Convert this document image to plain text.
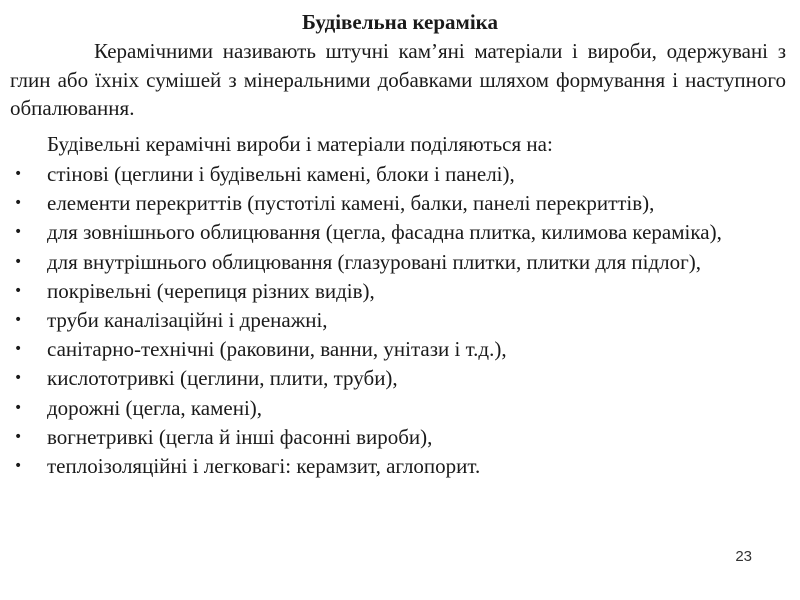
Будівельна кераміка

Керамічними називають штучні кам’яні матеріали і вироби, одержувані з глин або їхніх сумішей з мінеральними добавками шляхом формування і наступного обпалювання.

Будівельні керамічні вироби і матеріали поділяються на:

• стінові (цеглини і будівельні камені, блоки і панелі),
• елементи перекриттів (пустотілі камені, балки, панелі перекриттів),
• для зовнішнього облицювання (цегла, фасадна плитка, килимова кераміка),
• для внутрішнього облицювання (глазуровані плитки, плитки для підлог),
• покрівельні (черепиця різних видів),
• труби каналізаційні і дренажні,
• санітарно-технічні (раковини, ванни, унітази і т.д.),
• кислототривкі (цеглини, плити, труби),
• дорожні (цегла, камені),
• вогнетривкі (цегла й інші фасонні вироби),
• теплоізоляційні і легковагі: керамзит, аглопорит.
23
